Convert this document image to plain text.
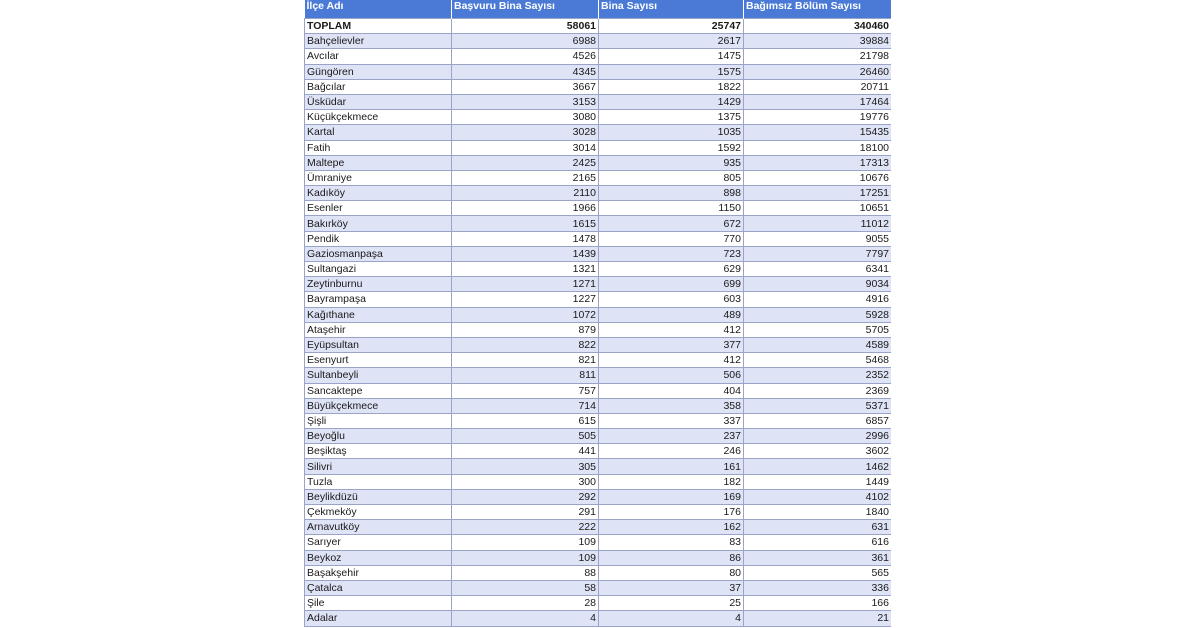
İlçe Adı	Başvuru Bina Sayısı	Bina Sayısı	Bağımsız Bölüm Sayısı
TOPLAM	58061	25747	340460
Bahçelievler	6988	2617	39884
Avcılar	4526	1475	21798
Güngören	4345	1575	26460
Bağcılar	3667	1822	20711
Üsküdar	3153	1429	17464
Küçükçekmece	3080	1375	19776
Kartal	3028	1035	15435
Fatih	3014	1592	18100
Maltepe	2425	935	17313
Ümraniye	2165	805	10676
Kadıköy	2110	898	17251
Esenler	1966	1150	10651
Bakırköy	1615	672	11012
Pendik	1478	770	9055
Gaziosmanpaşa	1439	723	7797
Sultangazi	1321	629	6341
Zeytinburnu	1271	699	9034
Bayrampaşa	1227	603	4916
Kağıthane	1072	489	5928
Ataşehir	879	412	5705
Eyüpsultan	822	377	4589
Esenyurt	821	412	5468
Sultanbeyli	811	506	2352
Sancaktepe	757	404	2369
Büyükçekmece	714	358	5371
Şişli	615	337	6857
Beyoğlu	505	237	2996
Beşiktaş	441	246	3602
Silivri	305	161	1462
Tuzla	300	182	1449
Beylikdüzü	292	169	4102
Çekmeköy	291	176	1840
Arnavutköy	222	162	631
Sarıyer	109	83	616
Beykoz	109	86	361
Başakşehir	88	80	565
Çatalca	58	37	336
Şile	28	25	166
Adalar	4	4	21
